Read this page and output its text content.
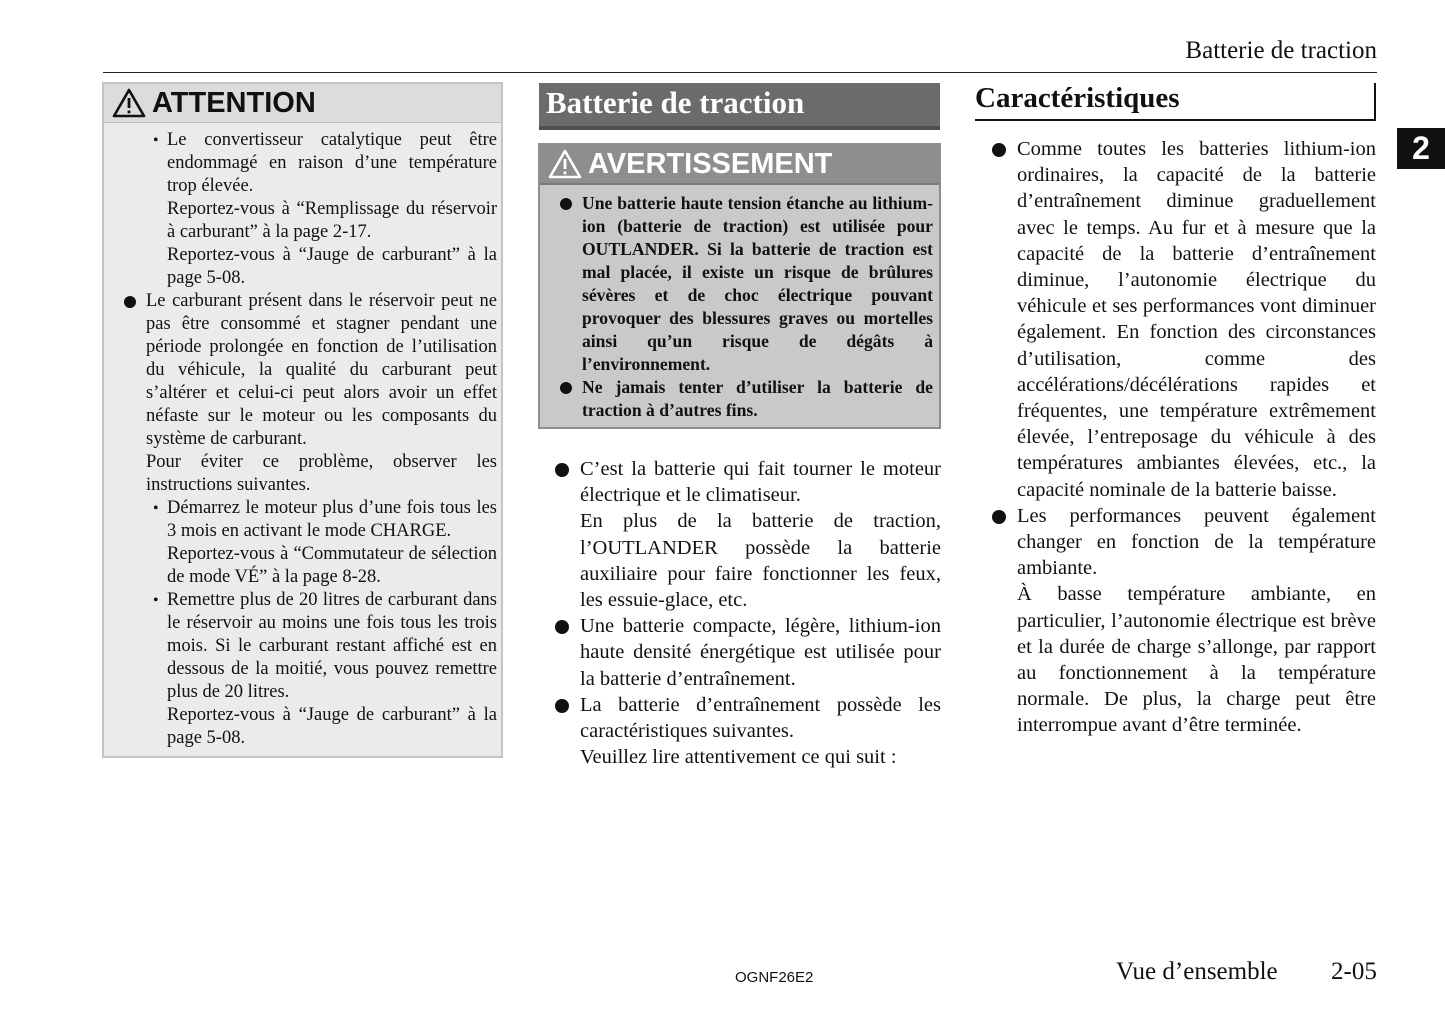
Batterie de traction
2
ATTENTION
• Le convertisseur catalytique peut être endommagé en raison d’une température trop élevée.
Reportez-vous à “Remplissage du réservoir à carburant” à la page 2-17.
Reportez-vous à “Jauge de carburant” à la page 5-08.
Le carburant présent dans le réservoir peut ne pas être consommé et stagner pendant une période prolongée en fonction de l’utilisation du véhicule, la qualité du carburant peut s’altérer et celui-ci peut alors avoir un effet néfaste sur le moteur ou les composants du système de carburant.
Pour éviter ce problème, observer les instructions suivantes.
• Démarrez le moteur plus d’une fois tous les 3 mois en activant le mode CHARGE.
Reportez-vous à “Commutateur de sélection de mode VÉ” à la page 8-28.
• Remettre plus de 20 litres de carburant dans le réservoir au moins une fois tous les trois mois. Si le carburant restant affiché est en dessous de la moitié, vous pouvez remettre plus de 20 litres.
Reportez-vous à “Jauge de carburant” à la page 5-08.
Batterie de traction
AVERTISSEMENT
Une batterie haute tension étanche au lithium-ion (batterie de traction) est utilisée pour OUTLANDER. Si la batterie de traction est mal placée, il existe un risque de brûlures sévères et de choc électrique pouvant provoquer des blessures graves ou mortelles ainsi qu’un risque de dégâts à l’environnement.
Ne jamais tenter d’utiliser la batterie de traction à d’autres fins.
C’est la batterie qui fait tourner le moteur électrique et le climatiseur.
En plus de la batterie de traction, l’OUTLANDER possède la batterie auxiliaire pour faire fonctionner les feux, les essuie-glace, etc.
Une batterie compacte, légère, lithium-ion haute densité énergétique est utilisée pour la batterie d’entraînement.
La batterie d’entraînement possède les caractéristiques suivantes.
Veuillez lire attentivement ce qui suit :
Caractéristiques
Comme toutes les batteries lithium-ion ordinaires, la capacité de la batterie d’entraînement diminue graduellement avec le temps. Au fur et à mesure que la capacité de la batterie d’entraînement diminue, l’autonomie électrique du véhicule et ses performances vont diminuer également. En fonction des circonstances d’utilisation, comme des accélérations/décélérations rapides et fréquentes, une température extrêmement élevée, l’entreposage du véhicule à des températures ambiantes élevées, etc., la capacité nominale de la batterie baisse.
Les performances peuvent également changer en fonction de la température ambiante.
À basse température ambiante, en particulier, l’autonomie électrique est brève et la durée de charge s’allonge, par rapport au fonctionnement à la température normale. De plus, la charge peut être interrompue avant d’être terminée.
OGNF26E2	Vue d’ensemble 2-05
